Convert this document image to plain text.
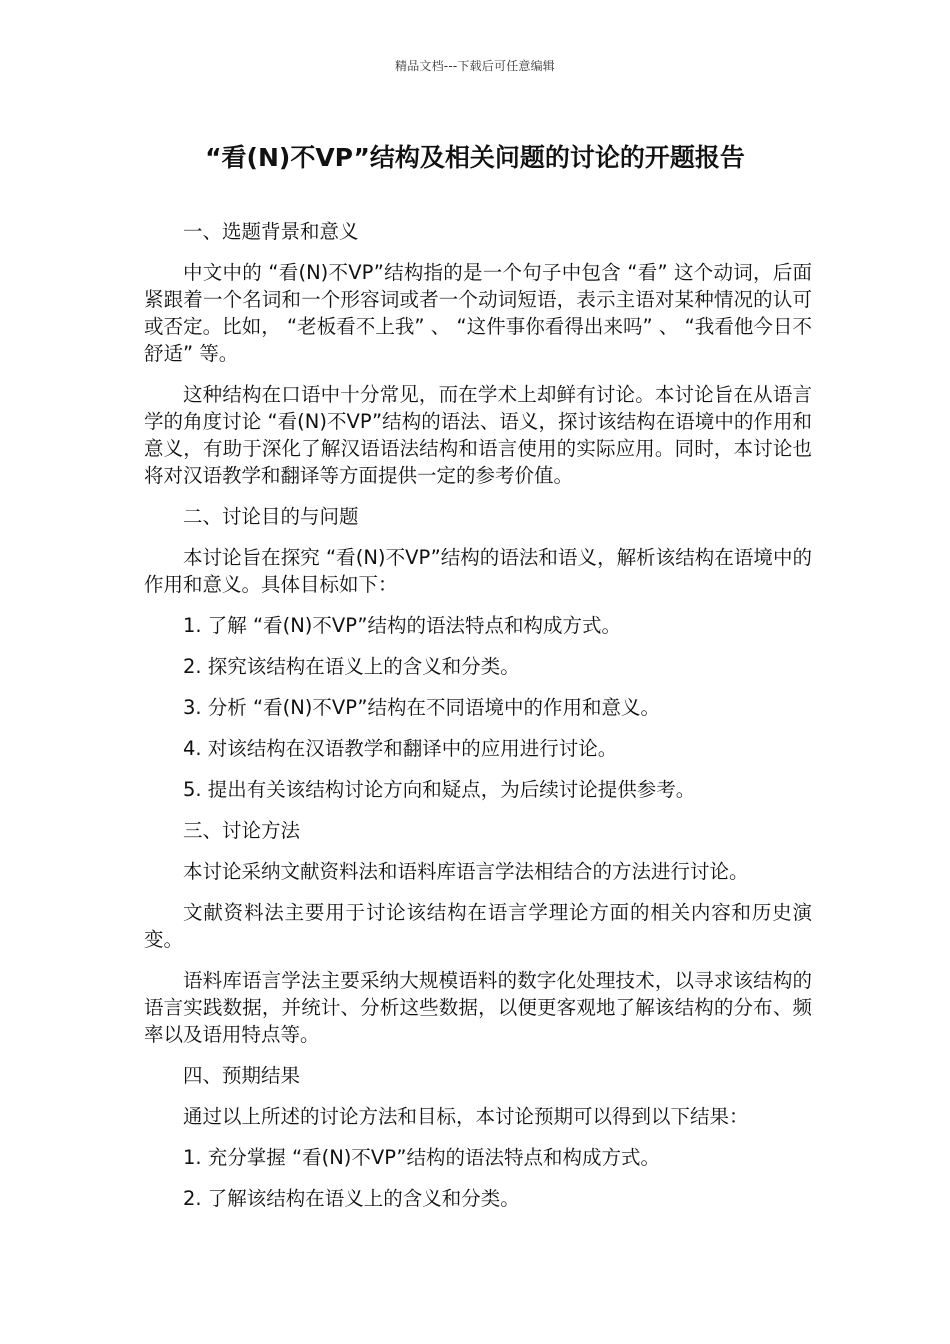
精品文档---下载后可任意编辑
“看(N)不VP”结构及相关问题的讨论的开题报告

一、选题背景和意义

中文中的 “看(N)不VP”结构指的是一个句子中包含 “看” 这个动词，后面紧跟着一个名词和一个形容词或者一个动词短语，表示主语对某种情况的认可或否定。比如， “老板看不上我” 、 “这件事你看得出来吗” 、 “我看他今日不舒适” 等。

这种结构在口语中十分常见，而在学术上却鲜有讨论。本讨论旨在从语言学的角度讨论 “看(N)不VP”结构的语法、语义，探讨该结构在语境中的作用和意义，有助于深化了解汉语语法结构和语言使用的实际应用。同时，本讨论也将对汉语教学和翻译等方面提供一定的参考价值。

二、讨论目的与问题

本讨论旨在探究 “看(N)不VP”结构的语法和语义，解析该结构在语境中的作用和意义。具体目标如下：

1. 了解 “看(N)不VP”结构的语法特点和构成方式。

2. 探究该结构在语义上的含义和分类。

3. 分析 “看(N)不VP”结构在不同语境中的作用和意义。

4. 对该结构在汉语教学和翻译中的应用进行讨论。

5. 提出有关该结构讨论方向和疑点，为后续讨论提供参考。

三、讨论方法

本讨论采纳文献资料法和语料库语言学法相结合的方法进行讨论。

文献资料法主要用于讨论该结构在语言学理论方面的相关内容和历史演变。

语料库语言学法主要采纳大规模语料的数字化处理技术，以寻求该结构的语言实践数据，并统计、分析这些数据，以便更客观地了解该结构的分布、频率以及语用特点等。

四、预期结果

通过以上所述的讨论方法和目标，本讨论预期可以得到以下结果：

1. 充分掌握 “看(N)不VP”结构的语法特点和构成方式。

2. 了解该结构在语义上的含义和分类。
